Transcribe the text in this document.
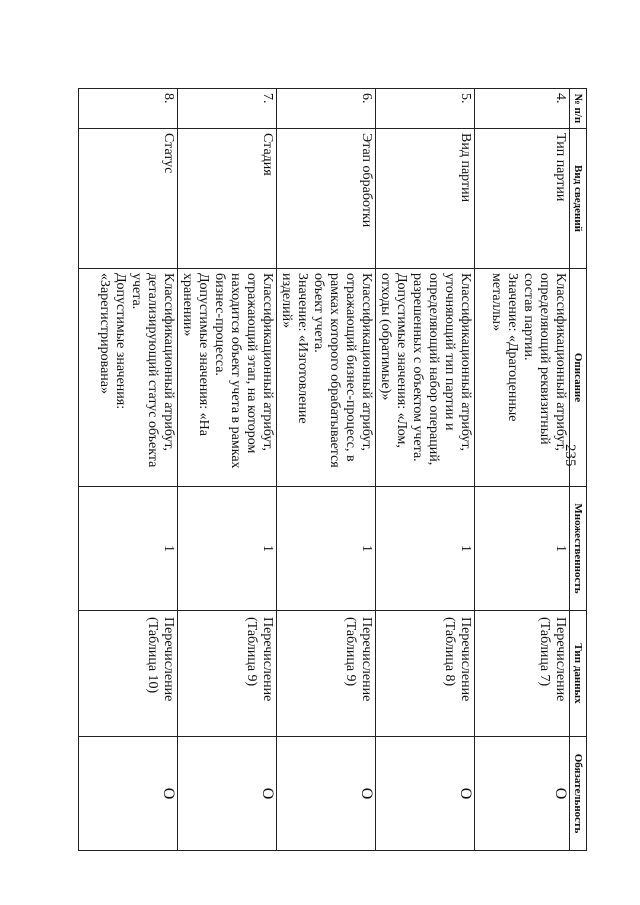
235
№ п/п	Вид сведений	Описание	Множественность	Тип данных	Обязательность
4.	Тип партии	Классификационный атрибут, определяющий реквизитный состав партии.
Значение: «Драгоценные металлы»	1	Перечисление (Таблица 7)	О
5.	Вид партии	Классификационный атрибут, уточняющий тип партии и определяющий набор операций, разрешенных с объектом учета.
Допустимые значения: «Лом, отходы (обратимые)»	1	Перечисление (Таблица 8)	О
6.	Этап обработки	Классификационный атрибут, отражающий бизнес-процесс, в рамках которого обрабатывается объект учета.
Значение: «Изготовление изделий»	1	Перечисление (Таблица 9)	О
7.	Стадия	Классификационный атрибут, отражающий этап, на котором находится объект учета в рамках бизнес-процесса.
Допустимые значения: «На хранении»	1	Перечисление (Таблица 9)	О
8.	Статус	Классификационный атрибут, детализирующий статус объекта учета.
Допустимые значения: «Зарегистрирована»	1	Перечисление (Таблица 10)	О
